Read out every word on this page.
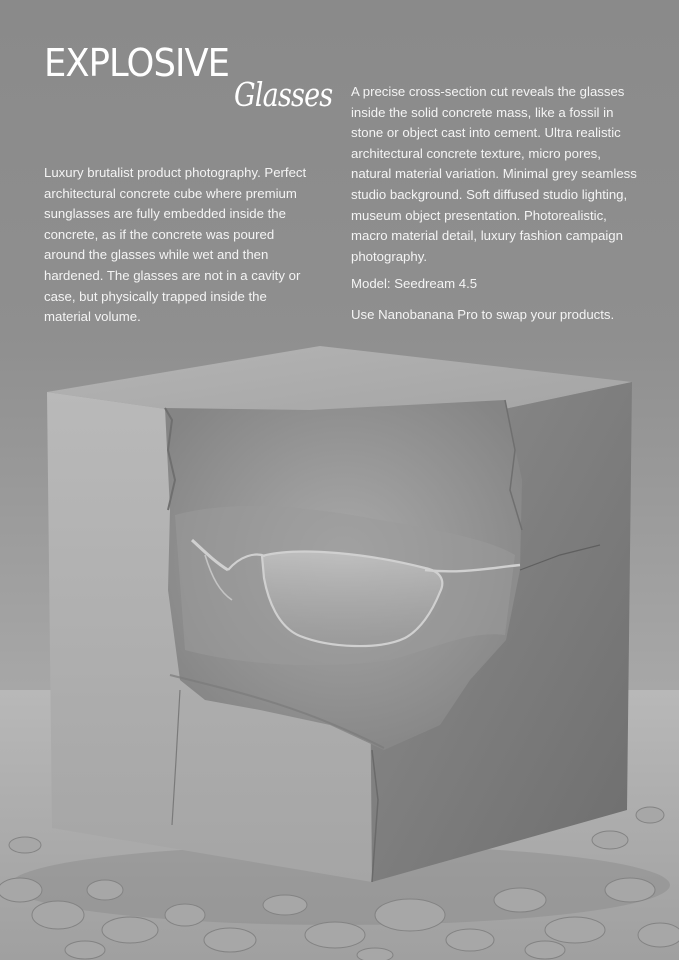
EXPLOSIVE
Glasses

Luxury brutalist product photography. Perfect architectural concrete cube where premium sunglasses are fully embedded inside the concrete, as if the concrete was poured around the glasses while wet and then hardened. The glasses are not in a cavity or case, but physically trapped inside the material volume.

A precise cross-section cut reveals the glasses inside the solid concrete mass, like a fossil in stone or object cast into cement. Ultra realistic architectural concrete texture, micro pores, natural material variation. Minimal grey seamless studio background. Soft diffused studio lighting, museum object presentation. Photorealistic, macro material detail, luxury fashion campaign photography.

Model: Seedream 4.5

Use Nanobanana Pro to swap your products.
